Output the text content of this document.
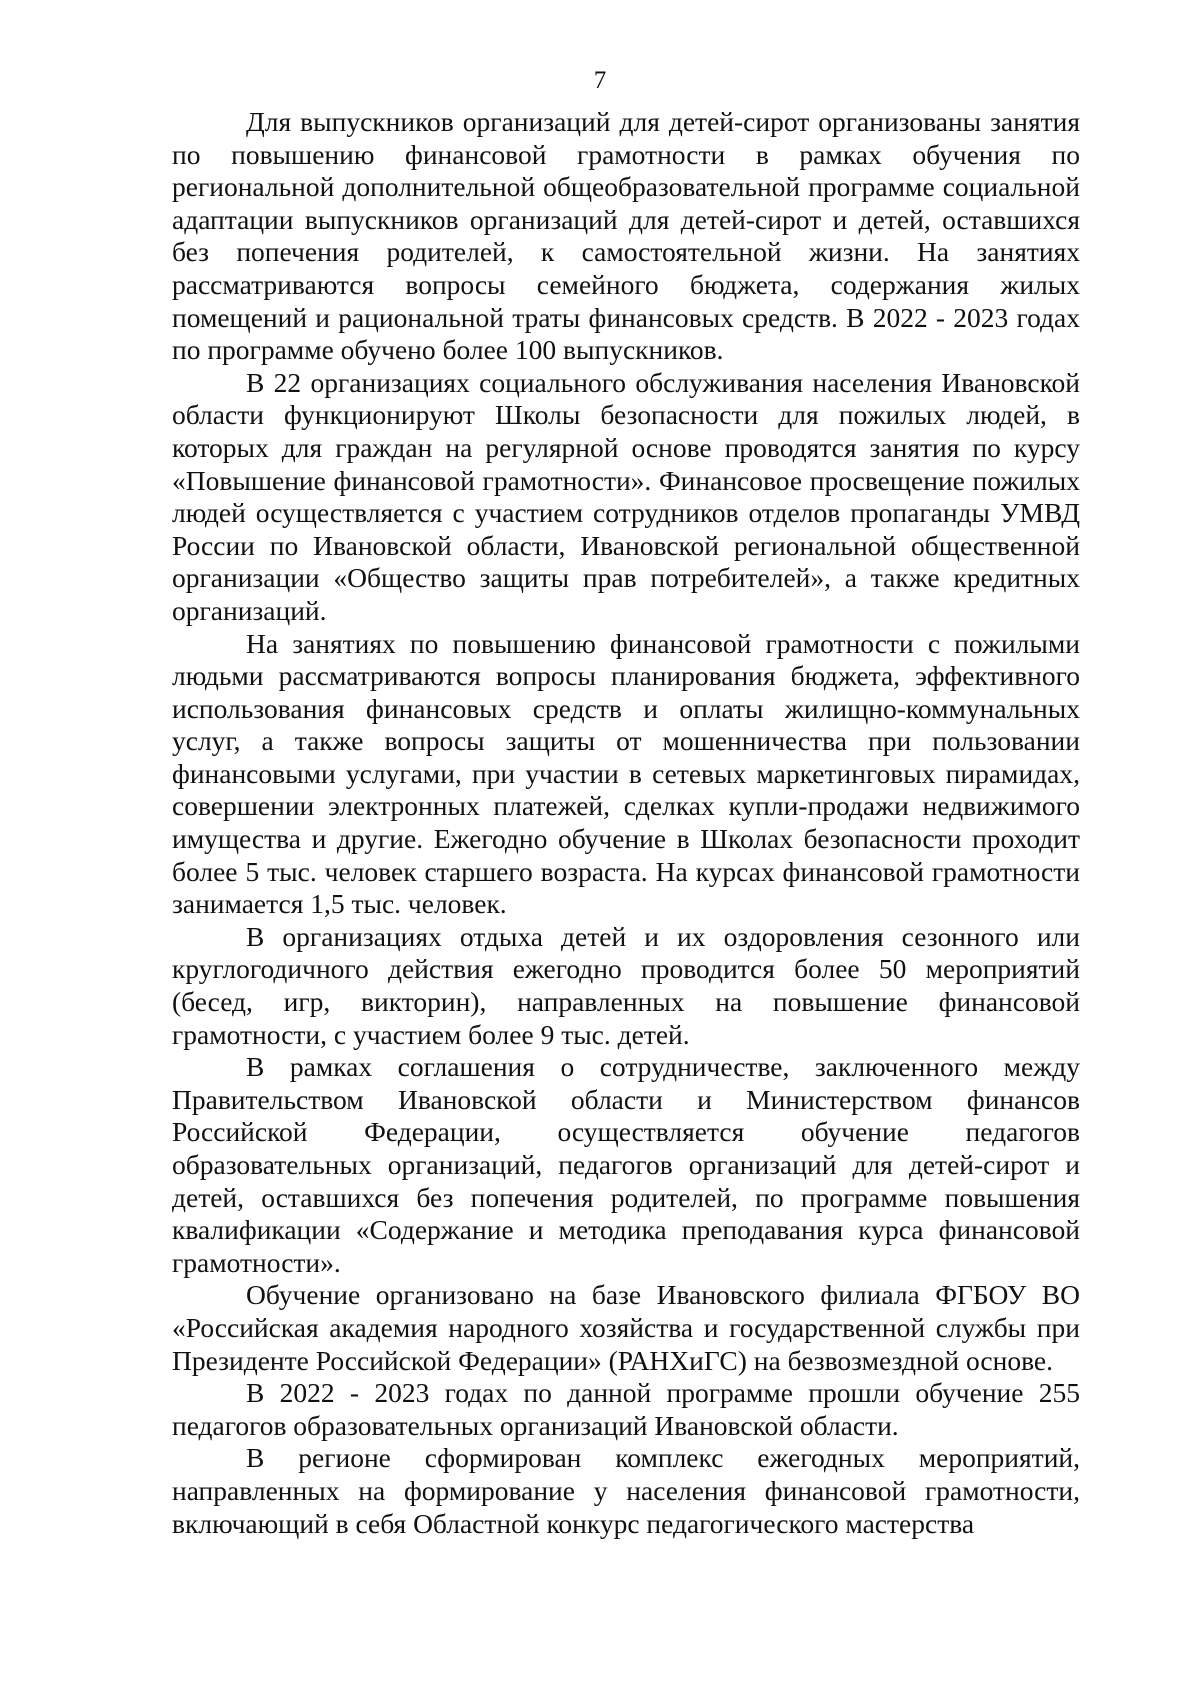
7

Для выпускников организаций для детей-сирот организованы занятия по повышению финансовой грамотности в рамках обучения по региональной дополнительной общеобразовательной программе социальной адаптации выпускников организаций для детей-сирот и детей, оставшихся без попечения родителей, к самостоятельной жизни. На занятиях рассматриваются вопросы семейного бюджета, содержания жилых помещений и рациональной траты финансовых средств. В 2022 - 2023 годах по программе обучено более 100 выпускников.

В 22 организациях социального обслуживания населения Ивановской области функционируют Школы безопасности для пожилых людей, в которых для граждан на регулярной основе проводятся занятия по курсу «Повышение финансовой грамотности». Финансовое просвещение пожилых людей осуществляется с участием сотрудников отделов пропаганды УМВД России по Ивановской области, Ивановской региональной общественной организации «Общество защиты прав потребителей», а также кредитных организаций.

На занятиях по повышению финансовой грамотности с пожилыми людьми рассматриваются вопросы планирования бюджета, эффективного использования финансовых средств и оплаты жилищно-коммунальных услуг, а также вопросы защиты от мошенничества при пользовании финансовыми услугами, при участии в сетевых маркетинговых пирамидах, совершении электронных платежей, сделках купли-продажи недвижимого имущества и другие. Ежегодно обучение в Школах безопасности проходит более 5 тыс. человек старшего возраста. На курсах финансовой грамотности занимается 1,5 тыс. человек.

В организациях отдыха детей и их оздоровления сезонного или круглогодичного действия ежегодно проводится более 50 мероприятий (бесед, игр, викторин), направленных на повышение финансовой грамотности, с участием более 9 тыс. детей.

В рамках соглашения о сотрудничестве, заключенного между Правительством Ивановской области и Министерством финансов Российской Федерации, осуществляется обучение педагогов образовательных организаций, педагогов организаций для детей-сирот и детей, оставшихся без попечения родителей, по программе повышения квалификации «Содержание и методика преподавания курса финансовой грамотности».

Обучение организовано на базе Ивановского филиала ФГБОУ ВО «Российская академия народного хозяйства и государственной службы при Президенте Российской Федерации» (РАНХиГС) на безвозмездной основе.

В 2022 - 2023 годах по данной программе прошли обучение 255 педагогов образовательных организаций Ивановской области.

В регионе сформирован комплекс ежегодных мероприятий, направленных на формирование у населения финансовой грамотности, включающий в себя Областной конкурс педагогического мастерства
